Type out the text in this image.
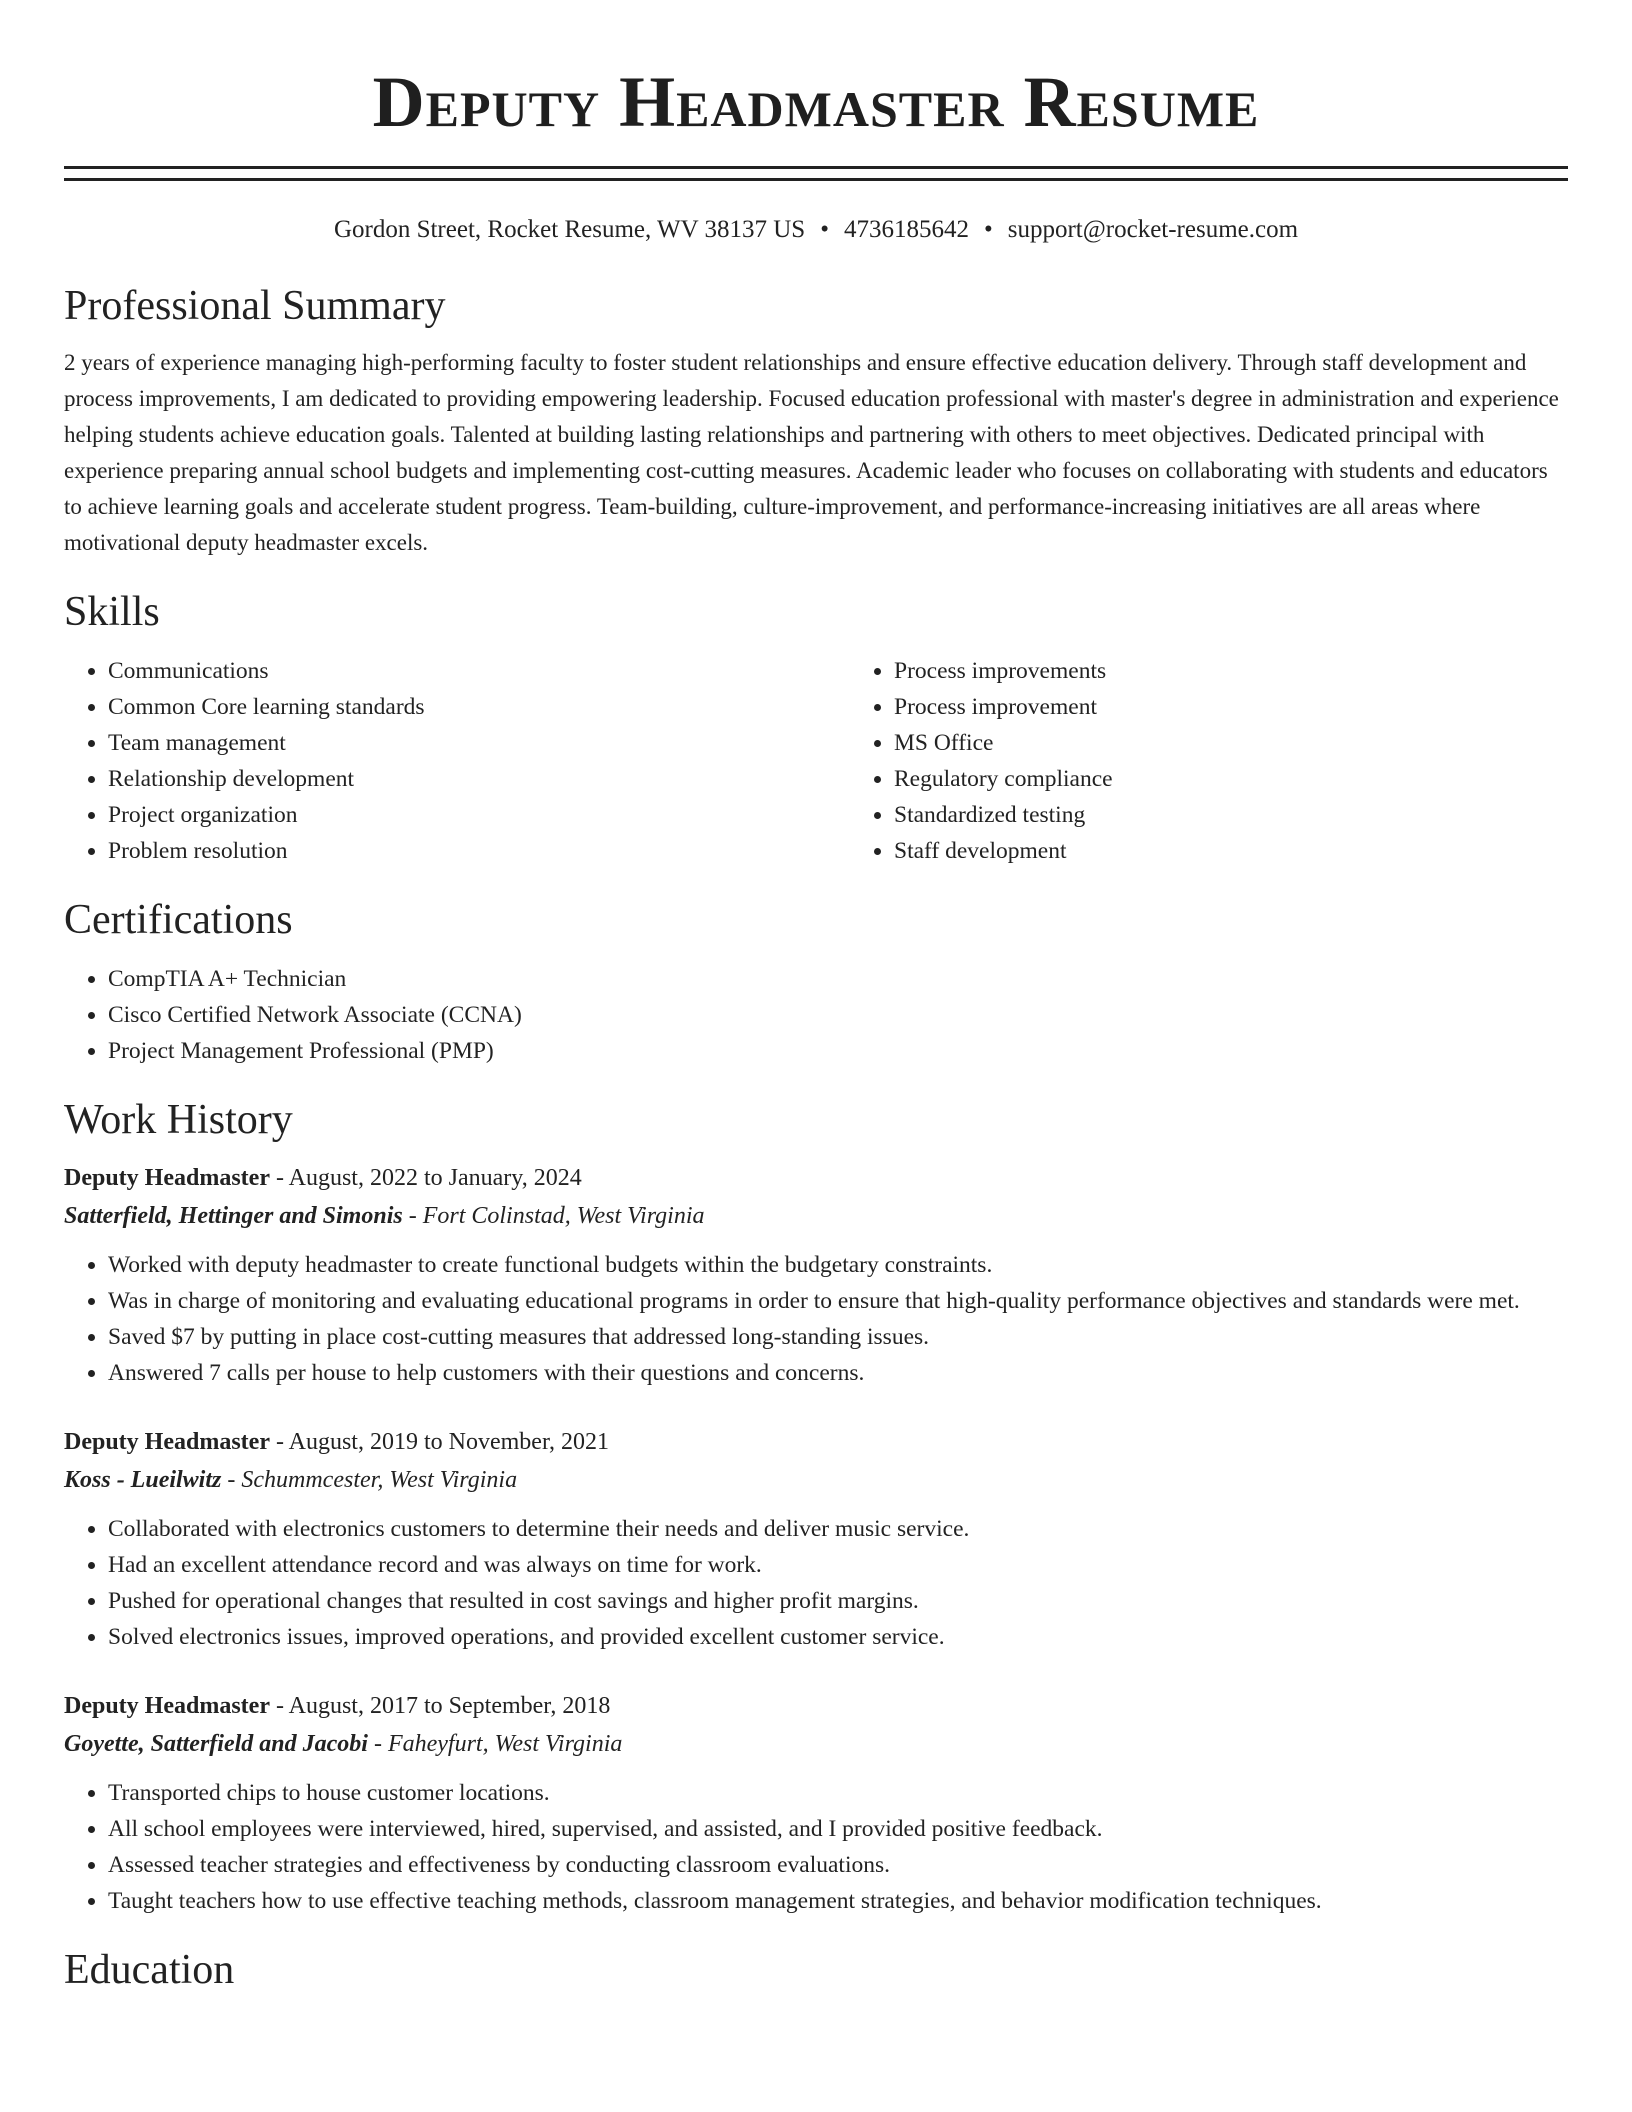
Deputy Headmaster Resume
Gordon Street, Rocket Resume, WV 38137 US • 4736185642 • support@rocket-resume.com
Professional Summary

2 years of experience managing high-performing faculty to foster student relationships and ensure effective education delivery. Through staff development and process improvements, I am dedicated to providing empowering leadership. Focused education professional with master's degree in administration and experience helping students achieve education goals. Talented at building lasting relationships and partnering with others to meet objectives. Dedicated principal with experience preparing annual school budgets and implementing cost-cutting measures. Academic leader who focuses on collaborating with students and educators to achieve learning goals and accelerate student progress. Team-building, culture-improvement, and performance-increasing initiatives are all areas where motivational deputy headmaster excels.

Skills
• Communications
• Common Core learning standards
• Team management
• Relationship development
• Project organization
• Problem resolution
• Process improvements
• Process improvement
• MS Office
• Regulatory compliance
• Standardized testing
• Staff development
Certifications
• CompTIA A+ Technician
• Cisco Certified Network Associate (CCNA)
• Project Management Professional (PMP)
Work History
Deputy Headmaster - August, 2022 to January, 2024
Satterfield, Hettinger and Simonis - Fort Colinstad, West Virginia
• Worked with deputy headmaster to create functional budgets within the budgetary constraints.
• Was in charge of monitoring and evaluating educational programs in order to ensure that high-quality performance objectives and standards were met.
• Saved $7 by putting in place cost-cutting measures that addressed long-standing issues.
• Answered 7 calls per house to help customers with their questions and concerns.
Deputy Headmaster - August, 2019 to November, 2021
Koss - Lueilwitz - Schummcester, West Virginia
• Collaborated with electronics customers to determine their needs and deliver music service.
• Had an excellent attendance record and was always on time for work.
• Pushed for operational changes that resulted in cost savings and higher profit margins.
• Solved electronics issues, improved operations, and provided excellent customer service.
Deputy Headmaster - August, 2017 to September, 2018
Goyette, Satterfield and Jacobi - Faheyfurt, West Virginia
• Transported chips to house customer locations.
• All school employees were interviewed, hired, supervised, and assisted, and I provided positive feedback.
• Assessed teacher strategies and effectiveness by conducting classroom evaluations.
• Taught teachers how to use effective teaching methods, classroom management strategies, and behavior modification techniques.
Education
